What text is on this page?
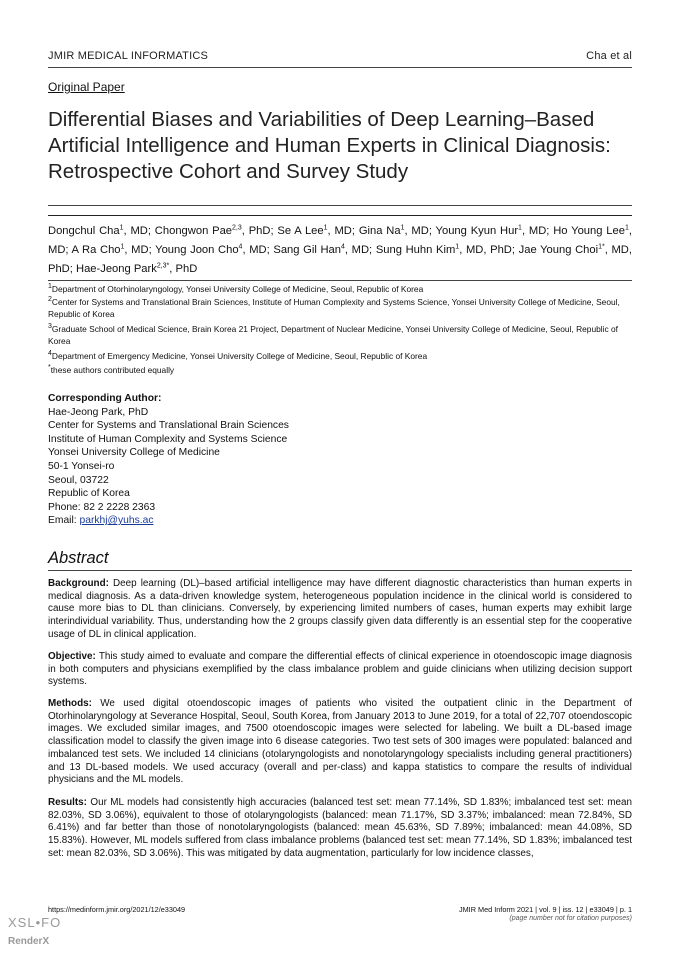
JMIR MEDICAL INFORMATICS	Cha et al
Original Paper
Differential Biases and Variabilities of Deep Learning–Based Artificial Intelligence and Human Experts in Clinical Diagnosis: Retrospective Cohort and Survey Study
Dongchul Cha$^1$, MD; Chongwon Pae$^{2,3}$, PhD; Se A Lee$^1$, MD; Gina Na$^1$, MD; Young Kyun Hur$^1$, MD; Ho Young Lee$^1$, MD; A Ra Cho$^1$, MD; Young Joon Cho$^4$, MD; Sang Gil Han$^4$, MD; Sung Huhn Kim$^1$, MD, PhD; Jae Young Choi$^{1*}$, MD, PhD; Hae-Jeong Park$^{2,3*}$, PhD
$^1$Department of Otorhinolaryngology, Yonsei University College of Medicine, Seoul, Republic of Korea
$^2$Center for Systems and Translational Brain Sciences, Institute of Human Complexity and Systems Science, Yonsei University College of Medicine, Seoul, Republic of Korea
$^3$Graduate School of Medical Science, Brain Korea 21 Project, Department of Nuclear Medicine, Yonsei University College of Medicine, Seoul, Republic of Korea
$^4$Department of Emergency Medicine, Yonsei University College of Medicine, Seoul, Republic of Korea
*these authors contributed equally
Corresponding Author:
Hae-Jeong Park, PhD
Center for Systems and Translational Brain Sciences
Institute of Human Complexity and Systems Science
Yonsei University College of Medicine
50-1 Yonsei-ro
Seoul, 03722
Republic of Korea
Phone: 82 2 2228 2363
Email: parkhj@yuhs.ac
Abstract
Background: Deep learning (DL)–based artificial intelligence may have different diagnostic characteristics than human experts in medical diagnosis. As a data-driven knowledge system, heterogeneous population incidence in the clinical world is considered to cause more bias to DL than clinicians. Conversely, by experiencing limited numbers of cases, human experts may exhibit large interindividual variability. Thus, understanding how the 2 groups classify given data differently is an essential step for the cooperative usage of DL in clinical application.
Objective: This study aimed to evaluate and compare the differential effects of clinical experience in otoendoscopic image diagnosis in both computers and physicians exemplified by the class imbalance problem and guide clinicians when utilizing decision support systems.
Methods: We used digital otoendoscopic images of patients who visited the outpatient clinic in the Department of Otorhinolaryngology at Severance Hospital, Seoul, South Korea, from January 2013 to June 2019, for a total of 22,707 otoendoscopic images. We excluded similar images, and 7500 otoendoscopic images were selected for labeling. We built a DL-based image classification model to classify the given image into 6 disease categories. Two test sets of 300 images were populated: balanced and imbalanced test sets. We included 14 clinicians (otolaryngologists and nonotolaryngology specialists including general practitioners) and 13 DL-based models. We used accuracy (overall and per-class) and kappa statistics to compare the results of individual physicians and the ML models.
Results: Our ML models had consistently high accuracies (balanced test set: mean 77.14%, SD 1.83%; imbalanced test set: mean 82.03%, SD 3.06%), equivalent to those of otolaryngologists (balanced: mean 71.17%, SD 3.37%; imbalanced: mean 72.84%, SD 6.41%) and far better than those of nonotolaryngologists (balanced: mean 45.63%, SD 7.89%; imbalanced: mean 44.08%, SD 15.83%). However, ML models suffered from class imbalance problems (balanced test set: mean 77.14%, SD 1.83%; imbalanced test set: mean 82.03%, SD 3.06%). This was mitigated by data augmentation, particularly for low incidence classes,
https://medinform.jmir.org/2021/12/e33049	JMIR Med Inform 2021 | vol. 9 | iss. 12 | e33049 | p. 1
(page number not for citation purposes)
XSL•FO
RenderX
